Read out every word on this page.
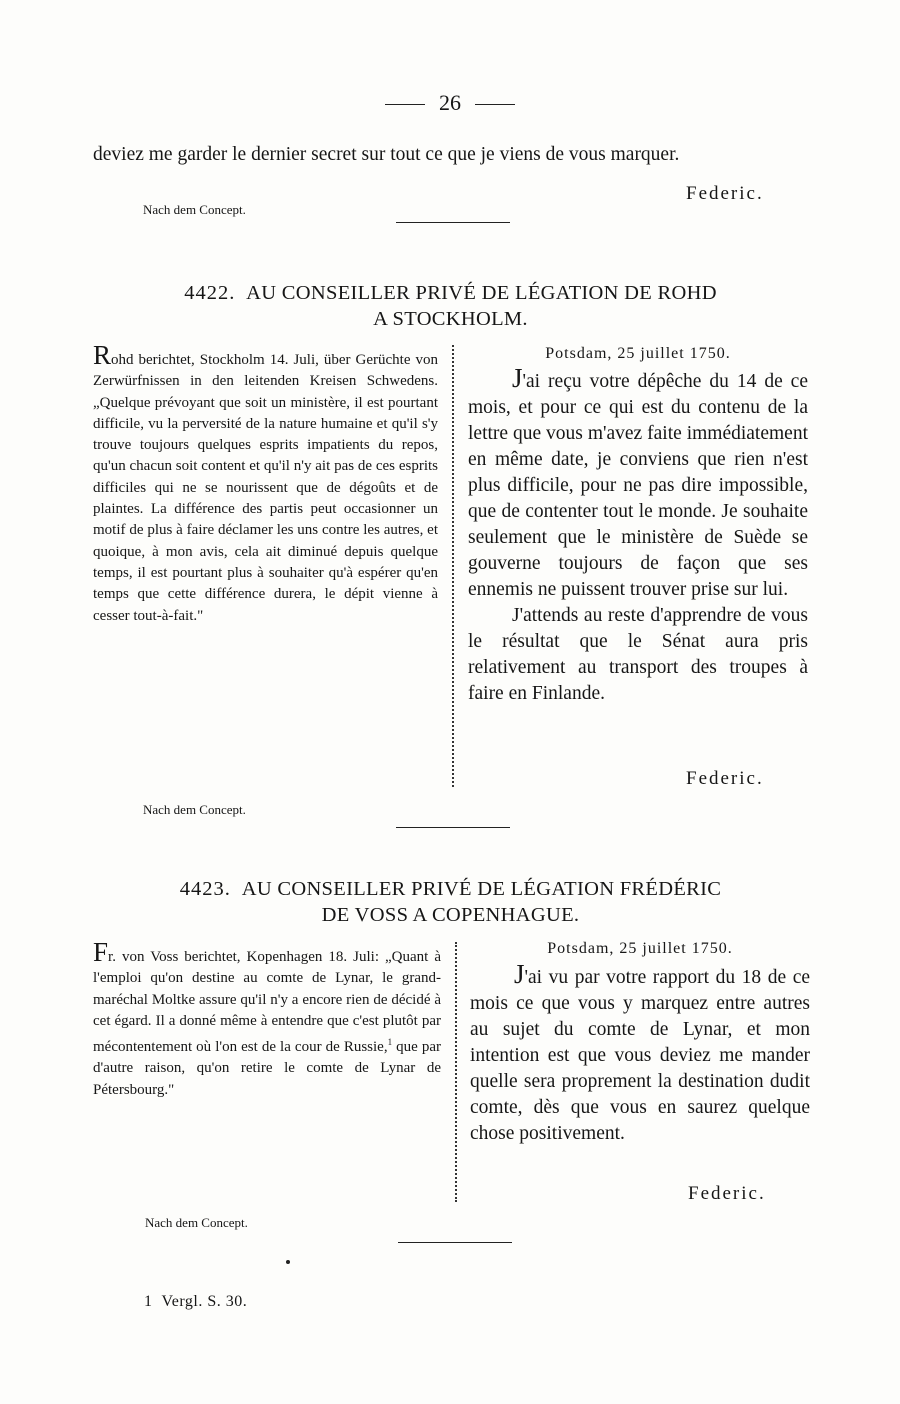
26
deviez me garder le dernier secret sur tout ce que je viens de vous marquer.
Federic.
Nach dem Concept.
4422. AU CONSEILLER PRIVÉ DE LÉGATION DE ROHD
A STOCKHOLM.
Rohd berichtet, Stockholm 14. Juli, über Gerüchte von Zerwürfnissen in den leitenden Kreisen Schwedens. „Quelque prévoyant que soit un ministère, il est pourtant difficile, vu la perversité de la nature humaine et qu'il s'y trouve toujours quelques esprits impatients du repos, qu'un chacun soit content et qu'il n'y ait pas de ces esprits difficiles qui ne se nourissent que de dégoûts et de plaintes. La différence des partis peut occasionner un motif de plus à faire déclamer les uns contre les autres, et quoique, à mon avis, cela ait diminué depuis quelque temps, il est pourtant plus à souhaiter qu'à espérer qu'en temps que cette différence durera, le dépit vienne à cesser tout-à-fait."
Potsdam, 25 juillet 1750.
J'ai reçu votre dépêche du 14 de ce mois, et pour ce qui est du contenu de la lettre que vous m'avez faite immédiatement en même date, je conviens que rien n'est plus difficile, pour ne pas dire impossible, que de contenter tout le monde. Je souhaite seulement que le ministère de Suède se gouverne toujours de façon que ses ennemis ne puissent trouver prise sur lui.
J'attends au reste d'apprendre de vous le résultat que le Sénat aura pris relativement au transport des troupes à faire en Finlande.
Federic.
Nach dem Concept.
4423. AU CONSEILLER PRIVÉ DE LÉGATION FRÉDÉRIC
DE VOSS A COPENHAGUE.
Fr. von Voss berichtet, Kopenhagen 18. Juli: „Quant à l'emploi qu'on destine au comte de Lynar, le grand-maréchal Moltke assure qu'il n'y a encore rien de décidé à cet égard. Il a donné même à entendre que c'est plutôt par mécontentement où l'on est de la cour de Russie,$^1$ que par d'autre raison, qu'on retire le comte de Lynar de Pétersbourg."
Potsdam, 25 juillet 1750.
J'ai vu par votre rapport du 18 de ce mois ce que vous y marquez entre autres au sujet du comte de Lynar, et mon intention est que vous deviez me mander quelle sera proprement la destination dudit comte, dès que vous en saurez quelque chose positivement.
Federic.
Nach dem Concept.
1 Vergl. S. 30.
